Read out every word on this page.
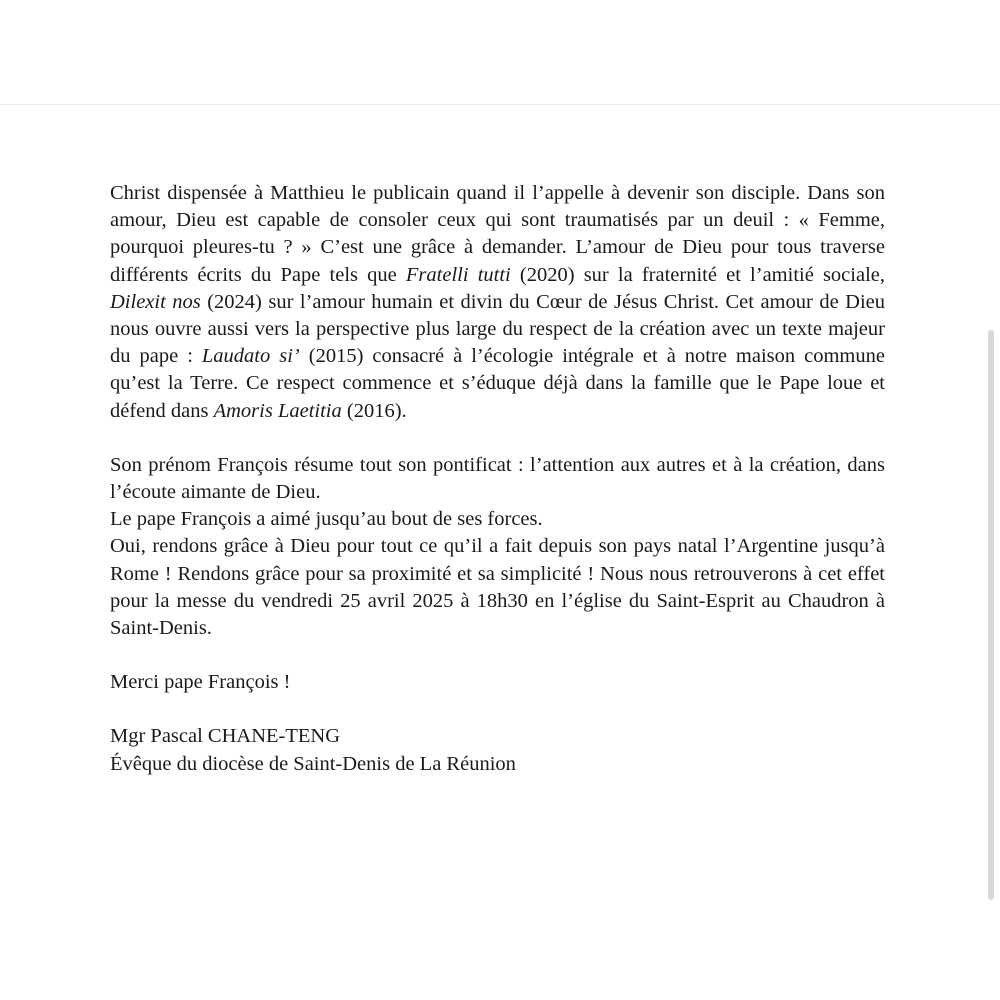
Christ dispensée à Matthieu le publicain quand il l’appelle à devenir son disciple. Dans son amour, Dieu est capable de consoler ceux qui sont traumatisés par un deuil : « Femme, pourquoi pleures-tu ? » C’est une grâce à demander. L’amour de Dieu pour tous traverse différents écrits du Pape tels que Fratelli tutti (2020) sur la fraternité et l’amitié sociale, Dilexit nos (2024) sur l’amour humain et divin du Cœur de Jésus Christ. Cet amour de Dieu nous ouvre aussi vers la perspective plus large du respect de la création avec un texte majeur du pape : Laudato si’ (2015) consacré à l’écologie intégrale et à notre maison commune qu’est la Terre. Ce respect commence et s’éduque déjà dans la famille que le Pape loue et défend dans Amoris Laetitia (2016).

Son prénom François résume tout son pontificat : l’attention aux autres et à la création, dans l’écoute aimante de Dieu.

Le pape François a aimé jusqu’au bout de ses forces.

Oui, rendons grâce à Dieu pour tout ce qu’il a fait depuis son pays natal l’Argentine jusqu’à Rome ! Rendons grâce pour sa proximité et sa simplicité ! Nous nous retrouverons à cet effet pour la messe du vendredi 25 avril 2025 à 18h30 en l’église du Saint-Esprit au Chaudron à Saint-Denis.

Merci pape François !

Mgr Pascal CHANE-TENG

Évêque du diocèse de Saint-Denis de La Réunion
